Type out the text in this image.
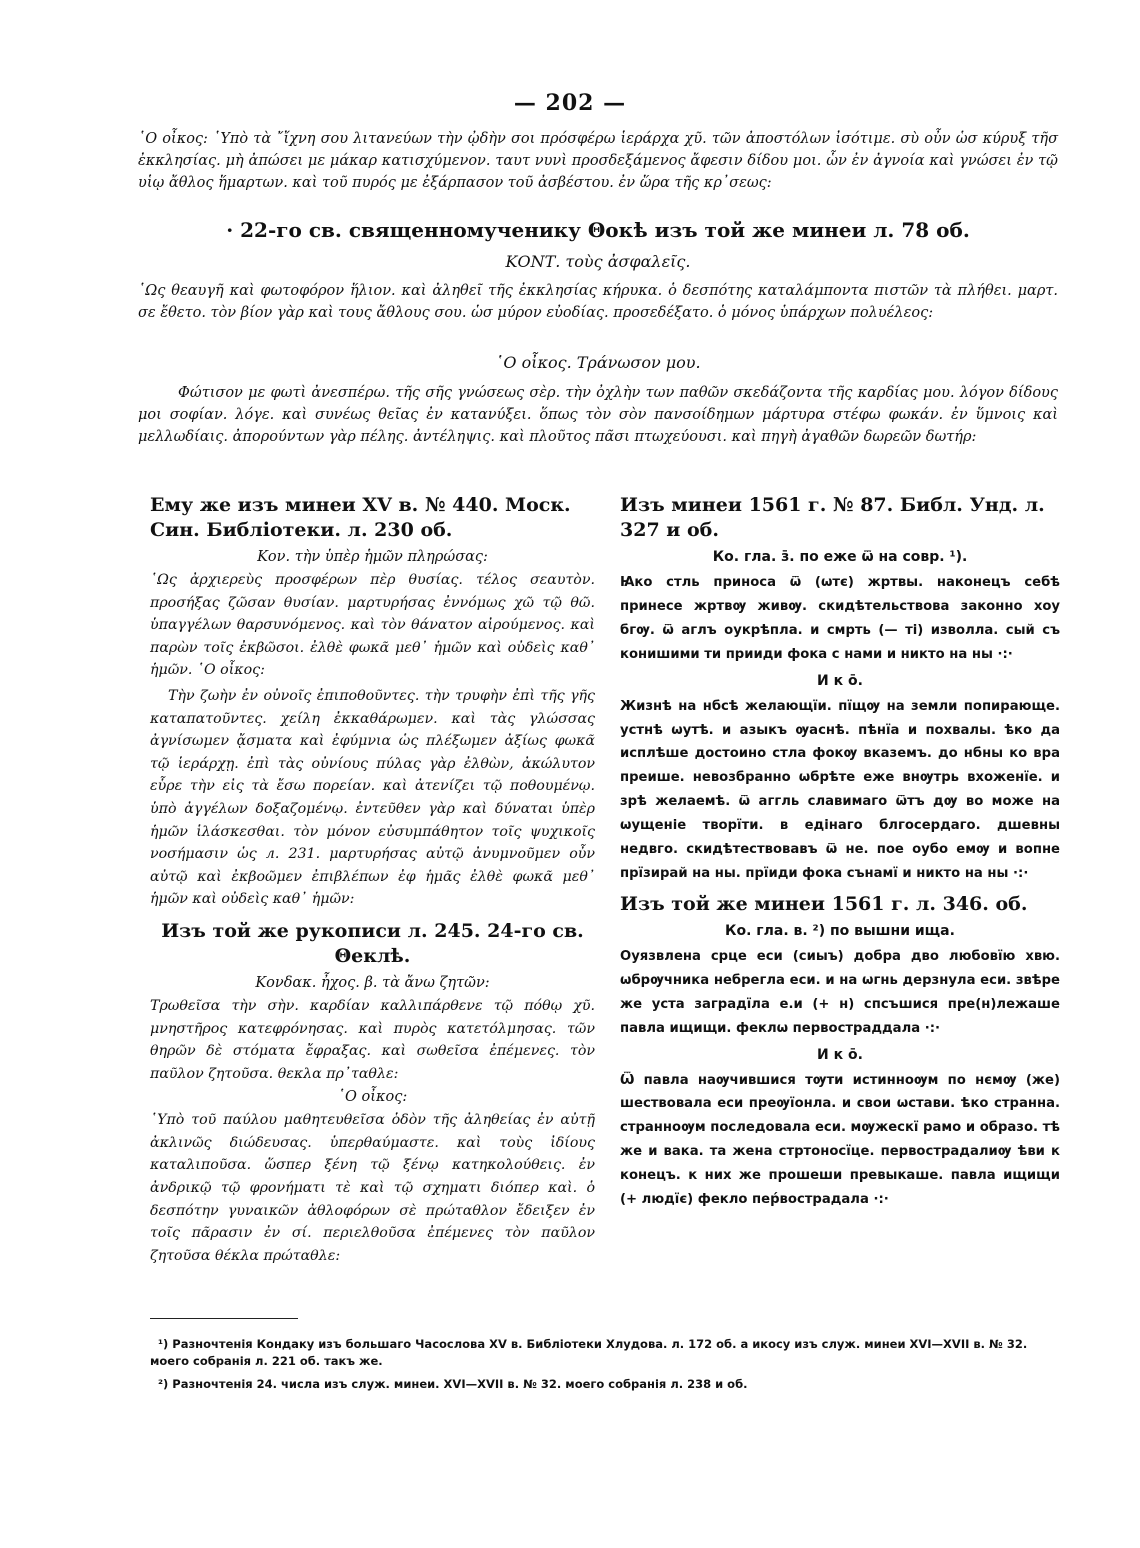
— 202 —
῾Ο οἶκος: ῾Υπὸ τὰ ῎ἴχνη σου λιτανεύων τὴν ᾠδὴν σοι πρόσφέρω ἱεράρχα χῦ. τῶν ἀποστόλων ἰσότιμε. σὺ οὖν ὡσ κύρυξ τῆσ ἐκκλησίας. μὴ ἀπώσει με μάκαρ κατισχύμενον. ταυτ νυνὶ προσδεξάμενος ἄφεσιν δίδου μοι. ὧν ἐν ἀγνοία καὶ γνώσει ἐν τῷ υἱῳ ἄθλος ἥμαρτων. καὶ τοῦ πυρός με ἐξάρπασον τοῦ ἀσβέστου. ἐν ὥρα τῆς κρ᾽σεως:
· 22-го св. священномученику Θοκѣ изъ той же минеи л. 78 об.
ΚΟΝΤ. τοὺς ἀσφαλεῖς.
῾Ως θεαυγῆ καὶ φωτοφόρον ἥλιον. καὶ ἀληθεῖ τῆς ἐκκλησίας κήρυκα. ὁ δεσπότης καταλάμποντα πιστῶν τὰ πλήθει. μαρτ. σε ἔθετο. τὸν βίον γὰρ καὶ τους ἄθλους σου. ὡσ μύρον εὐοδίας. προσεδέξατο. ὁ μόνος ὑπάρχων πολυέλεος:
῾Ο οἶκος. Τράνωσον μου.
Φώτισον με φωτὶ ἀνεσπέρω. τῆς σῆς γνώσεως σὲρ. τὴν ὀχλὴν των παθῶν σκεδάζοντα τῆς καρδίας μου. λόγον δίδους μοι σοφίαν. λόγε. καὶ συνέως θεῖας ἐν κατανύξει. ὅπως τὸν σὸν πανσοίδημων μάρτυρα στέφω φωκάν. ἐν ὕμνοις καὶ μελλωδίαις. ἀπορούντων γὰρ πέλης. ἀντέληψις. καὶ πλοῦτος πᾶσι πτωχεύουσι. καὶ πηγὴ ἀγαθῶν δωρεῶν δωτήρ:
Ему же изъ минеи XV в. № 440. Моск. Син. Библіотеки. л. 230 об.
Κον. τὴν ὑπὲρ ἡμῶν πληρώσας:
῾Ως ἀρχιερεὺς προσφέρων πὲρ θυσίας. τέλος σεαυτὸν. προσήξας ζῶσαν θυσίαν. μαρτυρήσας ἐννόμως χῶ τῷ θῶ. ὑπαγγέλων θαρσυνόμενος. καὶ τὸν θάνατον αἰρούμενος. καὶ παρὼν τοῖς ἐκβῶσοι. ἐλθὲ φωκᾶ μεθ᾽ ἡμῶν καὶ οὐδεὶς καθ᾽ ἡμῶν. ῾Ο οἶκος:
Τὴν ζωὴν ἐν οὐνοῖς ἐπιποθοῦντες. τὴν τρυφὴν ἐπὶ τῆς γῆς καταπατοῦντες. χείλη ἐκκαθάρωμεν. καὶ τὰς γλώσσας ἀγνίσωμεν ᾄσματα καὶ ἐφύμνια ὡς πλέξωμεν ἀξίως φωκᾶ τῷ ἱεράρχῃ. ἐπὶ τὰς οὐνίους πύλας γὰρ ἐλθὼν, ἀκώλυτον εὗρε τὴν εἰς τὰ ἔσω πορείαν. καὶ ἀτενίζει τῷ ποθουμένῳ. ὑπὸ ἀγγέλων δοξαζομένῳ. ἐντεῦθεν γὰρ καὶ δύναται ὑπὲρ ἡμῶν ἱλάσκεσθαι. τὸν μόνον εὐσυμπάθητον τοῖς ψυχικοῖς νοσήμασιν ὡς л. 231. μαρτυρήσας αὐτῷ ἀνυμνοῦμεν οὖν αὐτῷ καὶ ἐκβοῶμεν ἐπιβλέπων ἐφ ἡμᾶς ἐλθὲ φωκᾶ μεθ᾽ ἡμῶν καὶ οὐδεὶς καθ᾽ ἡμῶν:
Изъ той же рукописи л. 245. 24-го св. Θеклѣ.
Κονδακ. ἦχος. β. τὰ ἄνω ζητῶν:
Τρωθεῖσα τὴν σὴν. καρδίαν καλλιπάρθενε τῷ πόθῳ χῦ. μνηστῆρος κατεφρόνησας. καὶ πυρὸς κατετόλμησας. τῶν θηρῶν δὲ στόματα ἔφραξας. καὶ σωθεῖσα ἐπέμενες. τὸν παῦλον ζητοῦσα. θεκλα πρ᾽ταθλε:
῾Ο οἶκος:
῾Υπὸ τοῦ παύλου μαθητευθεῖσα ὁδὸν τῆς ἀληθείας ἐν αὐτῇ ἀκλινῶς διώδευσας. ὑπερθαύμαστε. καὶ τοὺς ἰδίους καταλιποῦσα. ὥσπερ ξένη τῷ ξένῳ κατηκολούθεις. ἐν ἀνδρικῷ τῷ φρονήματι τὲ καὶ τῷ σχηματι διόπερ καὶ. ὁ δεσπότην γυναικῶν ἀθλοφόρων σὲ πρώταθλον ἔδειξεν ἐν τοῖς πᾶρασιν ἐν σί. περιελθοῦσα ἐπέμενες τὸν παῦλον ζητοῦσα θέκλα πρώταθλε:
Изъ минеи 1561 г. № 87. Библ. Унд. л. 327 и об.
Ко. гла. з̄. по еже ѿ на совр. ¹).
Ꙗко стль приноса ѿ (ѡтє) жртвы. наконецъ себѣ принесе жртвѹ живѹ. скидѣтельствова законно хоу бгѹ. ѿ аглъ оукрѣпла. и смрть (— ті) изволла. сый съ конишими ти прииди фока с нами и никто на ны ·:·
И к о̄.
Жизнѣ на нбсѣ желающїи. пїщѹ на земли попирающе. устнѣ ѡутѣ. и азыкъ ѹаснѣ. пѣнїа и похвалы. ѣко да исплѣше достоино стла фокѹ вказемъ. до нбны ко вра преише. невозбранно ѡбрѣте еже внѹтрь вхоженїе. и зрѣ желаемѣ. ѿ аггль славимаго ѿтъ дѹ во може на ѡущеніе творїти. в едінаго блгосердаго. дшевны недвго. скидѣтествовавъ ѿ не. пое оубо емѹ и вопне прїзирай на ны. прїиди фока сънамї и никто на ны ·:·
Изъ той же минеи 1561 г. л. 346. об.
Ко. гла. в. ²) по вышни ища.
Оуязвлена срце еси (сиыъ) добра дво любовїю хвю. ѡбрѹчника небрегла еси. и на ѡгнь дерзнула еси. звѣре же уста заградїла е.и (+ н) спсъшися пре(н)лежаше павла ищищи. феклω первостраддала ·:·
И к о̄.
Ѿ павла наѹчившися тѹти истинноѹм по нємѹ (же) шествовала еси преѹїонла. и свои ѡстави. ѣко странна. странноѹм последовала еси. мѹжескї рамо и образо. тѣ же и вака. та жена стртоносїце. первострадалиѹ ѣви к конецъ. к них же прошеши превыкаше. павла ищищи (+ людїє) фекло пер́вострадала ·:·
¹) Разночтенія Кондаку изъ большаго Часослова XV в. Библіотеки Хлудова. л. 172 об. а икосу изъ служ. минеи XVI—XVII в. № 32. моего собранія л. 221 об. такъ же.
²) Разночтенія 24. числа изъ служ. минеи. XVI—XVII в. № 32. моего собранія л. 238 и об.
